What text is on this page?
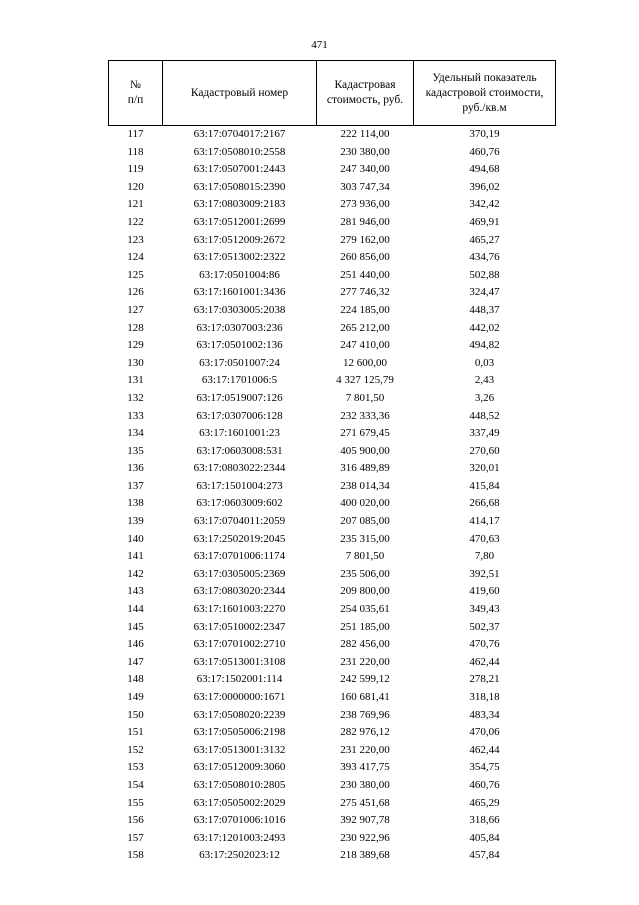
471
№
п/п	Кадастровый номер	Кадастровая стоимость, руб.	Удельный показатель кадастровой стоимости, руб./кв.м
117	63:17:0704017:2167	222 114,00	370,19
118	63:17:0508010:2558	230 380,00	460,76
119	63:17:0507001:2443	247 340,00	494,68
120	63:17:0508015:2390	303 747,34	396,02
121	63:17:0803009:2183	273 936,00	342,42
122	63:17:0512001:2699	281 946,00	469,91
123	63:17:0512009:2672	279 162,00	465,27
124	63:17:0513002:2322	260 856,00	434,76
125	63:17:0501004:86	251 440,00	502,88
126	63:17:1601001:3436	277 746,32	324,47
127	63:17:0303005:2038	224 185,00	448,37
128	63:17:0307003:236	265 212,00	442,02
129	63:17:0501002:136	247 410,00	494,82
130	63:17:0501007:24	12 600,00	0,03
131	63:17:1701006:5	4 327 125,79	2,43
132	63:17:0519007:126	7 801,50	3,26
133	63:17:0307006:128	232 333,36	448,52
134	63:17:1601001:23	271 679,45	337,49
135	63:17:0603008:531	405 900,00	270,60
136	63:17:0803022:2344	316 489,89	320,01
137	63:17:1501004:273	238 014,34	415,84
138	63:17:0603009:602	400 020,00	266,68
139	63:17:0704011:2059	207 085,00	414,17
140	63:17:2502019:2045	235 315,00	470,63
141	63:17:0701006:1174	7 801,50	7,80
142	63:17:0305005:2369	235 506,00	392,51
143	63:17:0803020:2344	209 800,00	419,60
144	63:17:1601003:2270	254 035,61	349,43
145	63:17:0510002:2347	251 185,00	502,37
146	63:17:0701002:2710	282 456,00	470,76
147	63:17:0513001:3108	231 220,00	462,44
148	63:17:1502001:114	242 599,12	278,21
149	63:17:0000000:1671	160 681,41	318,18
150	63:17:0508020:2239	238 769,96	483,34
151	63:17:0505006:2198	282 976,12	470,06
152	63:17:0513001:3132	231 220,00	462,44
153	63:17:0512009:3060	393 417,75	354,75
154	63:17:0508010:2805	230 380,00	460,76
155	63:17:0505002:2029	275 451,68	465,29
156	63:17:0701006:1016	392 907,78	318,66
157	63:17:1201003:2493	230 922,96	405,84
158	63:17:2502023:12	218 389,68	457,84
